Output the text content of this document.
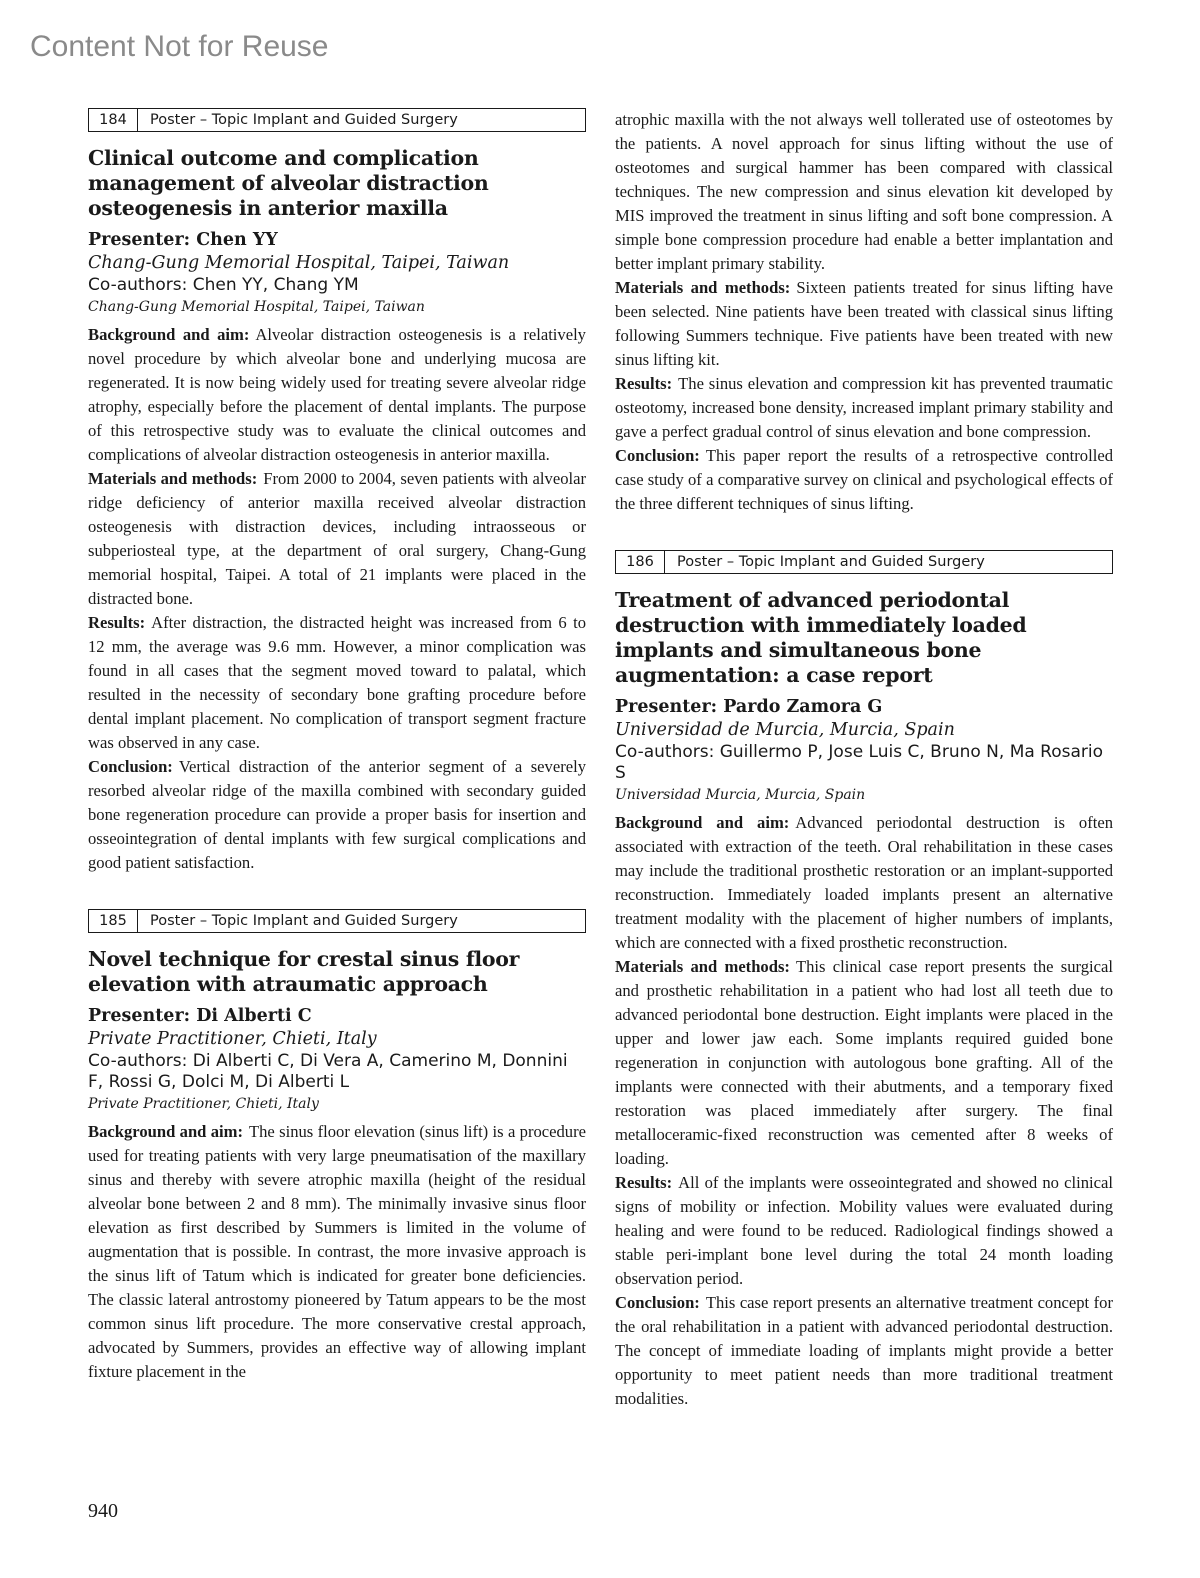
Content Not for Reuse
184	Poster – Topic Implant and Guided Surgery
Clinical outcome and complication management of alveolar distraction osteogenesis in anterior maxilla
Presenter: Chen YY
Chang-Gung Memorial Hospital, Taipei, Taiwan
Co-authors: Chen YY, Chang YM
Chang-Gung Memorial Hospital, Taipei, Taiwan

Background and aim: Alveolar distraction osteogenesis is a relatively novel procedure by which alveolar bone and underlying mucosa are regenerated. It is now being widely used for treating severe alveolar ridge atrophy, especially before the placement of dental implants. The purpose of this retrospective study was to evaluate the clinical outcomes and complications of alveolar distraction osteogenesis in anterior maxilla.

Materials and methods: From 2000 to 2004, seven patients with alveolar ridge deficiency of anterior maxilla received alveolar distraction osteogenesis with distraction devices, including intraosseous or subperiosteal type, at the department of oral surgery, Chang-Gung memorial hospital, Taipei. A total of 21 implants were placed in the distracted bone.

Results: After distraction, the distracted height was increased from 6 to 12 mm, the average was 9.6 mm. However, a minor complication was found in all cases that the segment moved toward to palatal, which resulted in the necessity of secondary bone grafting procedure before dental implant placement. No complication of transport segment fracture was observed in any case.

Conclusion: Vertical distraction of the anterior segment of a severely resorbed alveolar ridge of the maxilla combined with secondary guided bone regeneration procedure can provide a proper basis for insertion and osseointegration of dental implants with few surgical complications and good patient satisfaction.

185	Poster – Topic Implant and Guided Surgery
Novel technique for crestal sinus floor elevation with atraumatic approach
Presenter: Di Alberti C
Private Practitioner, Chieti, Italy
Co-authors: Di Alberti C, Di Vera A, Camerino M, Donnini F, Rossi G, Dolci M, Di Alberti L
Private Practitioner, Chieti, Italy

Background and aim: The sinus floor elevation (sinus lift) is a procedure used for treating patients with very large pneumatisation of the maxillary sinus and thereby with severe atrophic maxilla (height of the residual alveolar bone between 2 and 8 mm). The minimally invasive sinus floor elevation as first described by Summers is limited in the volume of augmentation that is possible. In contrast, the more invasive approach is the sinus lift of Tatum which is indicated for greater bone deficiencies. The classic lateral antrostomy pioneered by Tatum appears to be the most common sinus lift procedure. The more conservative crestal approach, advocated by Summers, provides an effective way of allowing implant fixture placement in the

atrophic maxilla with the not always well tollerated use of osteotomes by the patients. A novel approach for sinus lifting without the use of osteotomes and surgical hammer has been compared with classical techniques. The new compression and sinus elevation kit developed by MIS improved the treatment in sinus lifting and soft bone compression. A simple bone compression procedure had enable a better implantation and better implant primary stability.

Materials and methods: Sixteen patients treated for sinus lifting have been selected. Nine patients have been treated with classical sinus lifting following Summers technique. Five patients have been treated with new sinus lifting kit.

Results: The sinus elevation and compression kit has prevented traumatic osteotomy, increased bone density, increased implant primary stability and gave a perfect gradual control of sinus elevation and bone compression.

Conclusion: This paper report the results of a retrospective controlled case study of a comparative survey on clinical and psychological effects of the three different techniques of sinus lifting.

186	Poster – Topic Implant and Guided Surgery
Treatment of advanced periodontal destruction with immediately loaded implants and simultaneous bone augmentation: a case report
Presenter: Pardo Zamora G
Universidad de Murcia, Murcia, Spain
Co-authors: Guillermo P, Jose Luis C, Bruno N, Ma Rosario S
Universidad Murcia, Murcia, Spain

Background and aim: Advanced periodontal destruction is often associated with extraction of the teeth. Oral rehabilitation in these cases may include the traditional prosthetic restoration or an implant-supported reconstruction. Immediately loaded implants present an alternative treatment modality with the placement of higher numbers of implants, which are connected with a fixed prosthetic reconstruction.

Materials and methods: This clinical case report presents the surgical and prosthetic rehabilitation in a patient who had lost all teeth due to advanced periodontal bone destruction. Eight implants were placed in the upper and lower jaw each. Some implants required guided bone regeneration in conjunction with autologous bone grafting. All of the implants were connected with their abutments, and a temporary fixed restoration was placed immediately after surgery. The final metalloceramic-fixed reconstruction was cemented after 8 weeks of loading.

Results: All of the implants were osseointegrated and showed no clinical signs of mobility or infection. Mobility values were evaluated during healing and were found to be reduced. Radiological findings showed a stable peri-implant bone level during the total 24 month loading observation period.

Conclusion: This case report presents an alternative treatment concept for the oral rehabilitation in a patient with advanced periodontal destruction. The concept of immediate loading of implants might provide a better opportunity to meet patient needs than more traditional treatment modalities.

940
